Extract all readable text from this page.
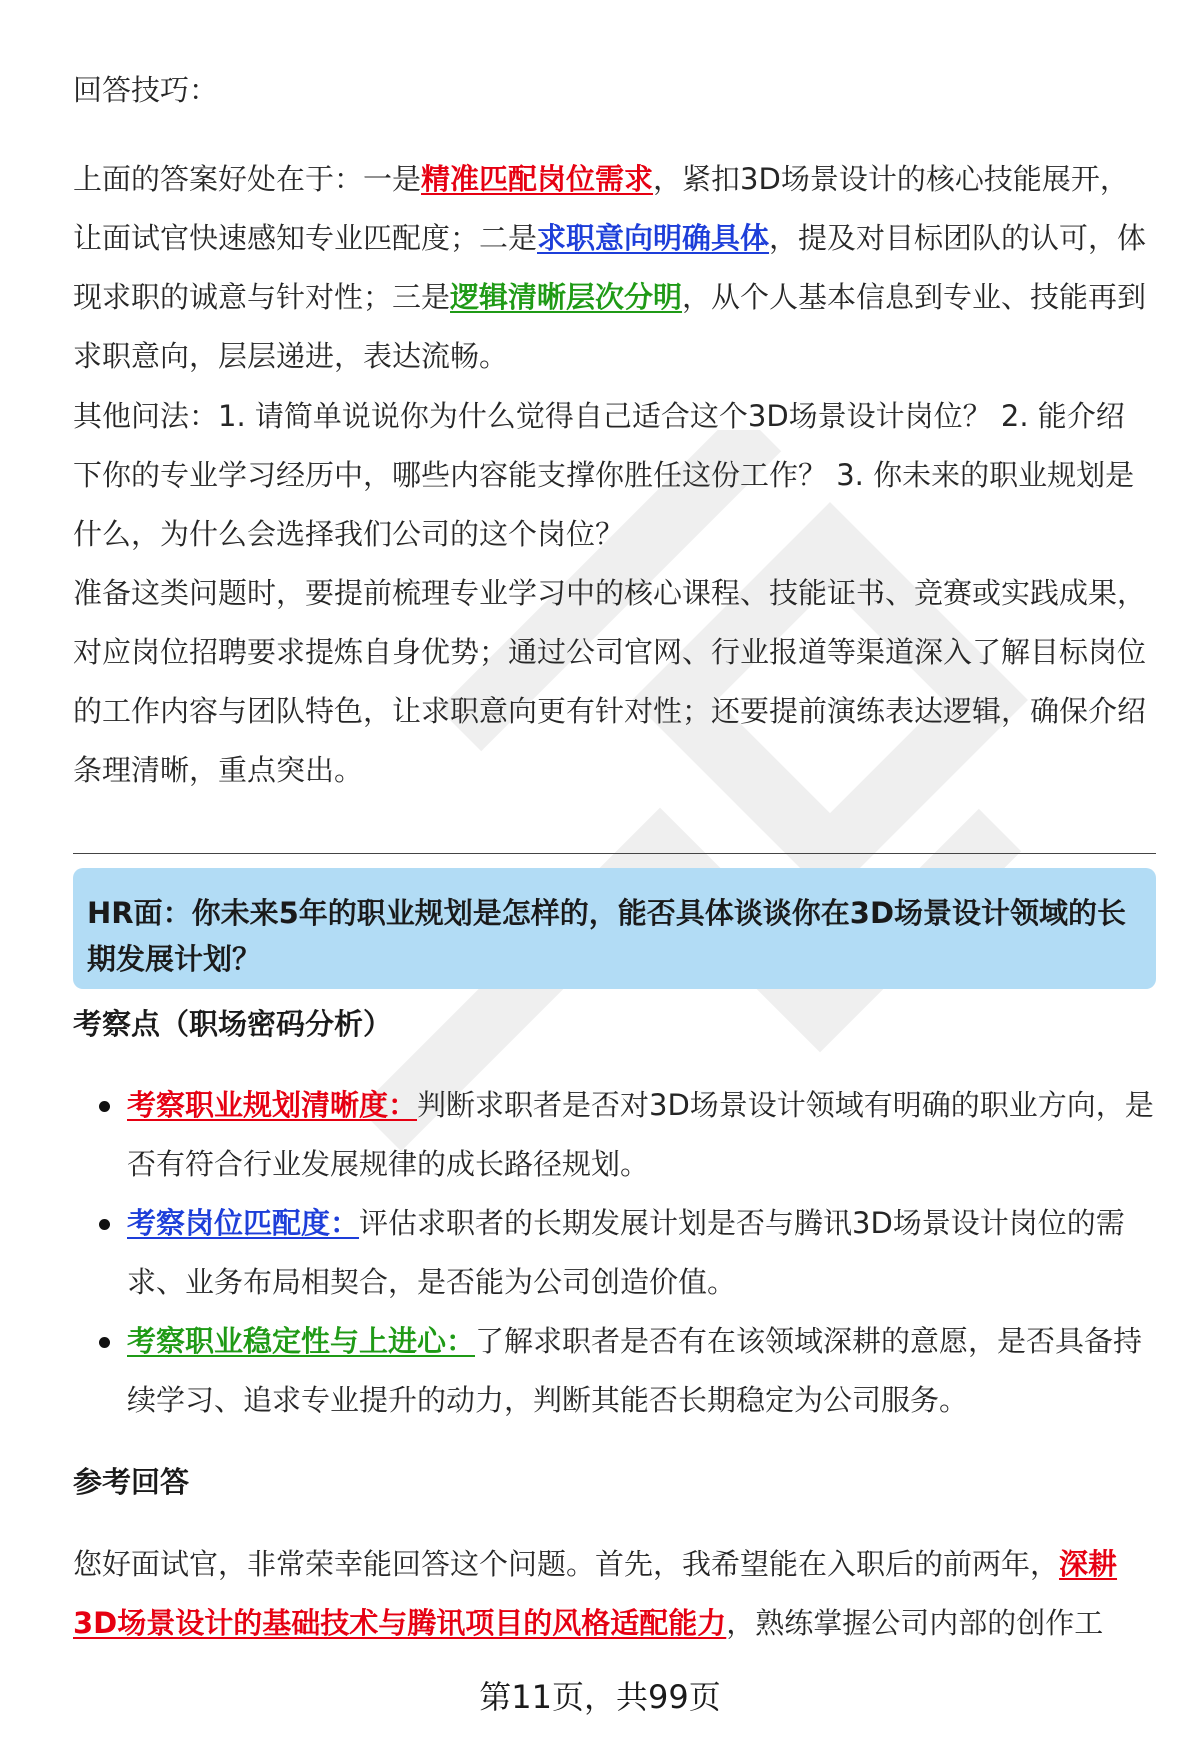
回答技巧：

上面的答案好处在于：一是精准匹配岗位需求，紧扣3D场景设计的核心技能展开，让面试官快速感知专业匹配度；二是求职意向明确具体，提及对目标团队的认可，体现求职的诚意与针对性；三是逻辑清晰层次分明，从个人基本信息到专业、技能再到求职意向，层层递进，表达流畅。

其他问法：1. 请简单说说你为什么觉得自己适合这个3D场景设计岗位？ 2. 能介绍下你的专业学习经历中，哪些内容能支撑你胜任这份工作？ 3. 你未来的职业规划是什么，为什么会选择我们公司的这个岗位？

准备这类问题时，要提前梳理专业学习中的核心课程、技能证书、竞赛或实践成果，对应岗位招聘要求提炼自身优势；通过公司官网、行业报道等渠道深入了解目标岗位的工作内容与团队特色，让求职意向更有针对性；还要提前演练表达逻辑，确保介绍条理清晰，重点突出。

HR面：你未来5年的职业规划是怎样的，能否具体谈谈你在3D场景设计领域的长期发展计划？
考察点（职场密码分析）
考察职业规划清晰度：判断求职者是否对3D场景设计领域有明确的职业方向，是否有符合行业发展规律的成长路径规划。
考察岗位匹配度：评估求职者的长期发展计划是否与腾讯3D场景设计岗位的需求、业务布局相契合，是否能为公司创造价值。
考察职业稳定性与上进心：了解求职者是否有在该领域深耕的意愿，是否具备持续学习、追求专业提升的动力，判断其能否长期稳定为公司服务。
参考回答
您好面试官，非常荣幸能回答这个问题。首先，我希望能在入职后的前两年，深耕3D场景设计的基础技术与腾讯项目的风格适配能力，熟练掌握公司内部的创作工
第11页，共99页
